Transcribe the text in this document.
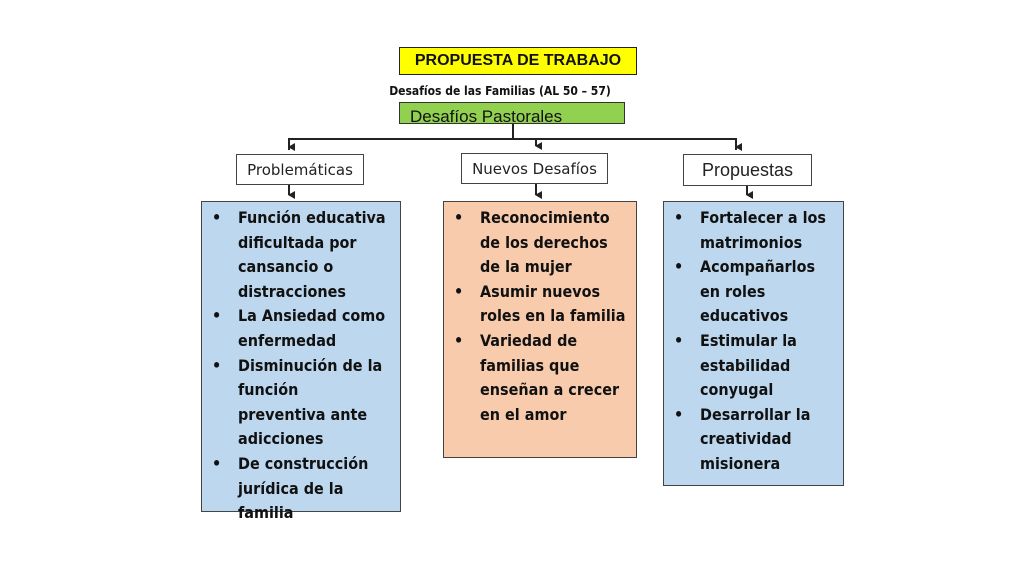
PROPUESTA DE TRABAJO
Desafíos de las Familias (AL 50 – 57)
Desafíos Pastorales
Problemáticas	Nuevos Desafíos	Propuestas
• Función educativa dificultada por cansancio o distracciones
• La Ansiedad como enfermedad
• Disminución de la función preventiva ante adicciones
• De construcción jurídica de la familia
• Reconocimiento de los derechos de la mujer
• Asumir nuevos roles en la familia
• Variedad de familias que enseñan a crecer en el amor
• Fortalecer a los matrimonios
• Acompañarlos en roles educativos
• Estimular la estabilidad conyugal
• Desarrollar la creatividad misionera
